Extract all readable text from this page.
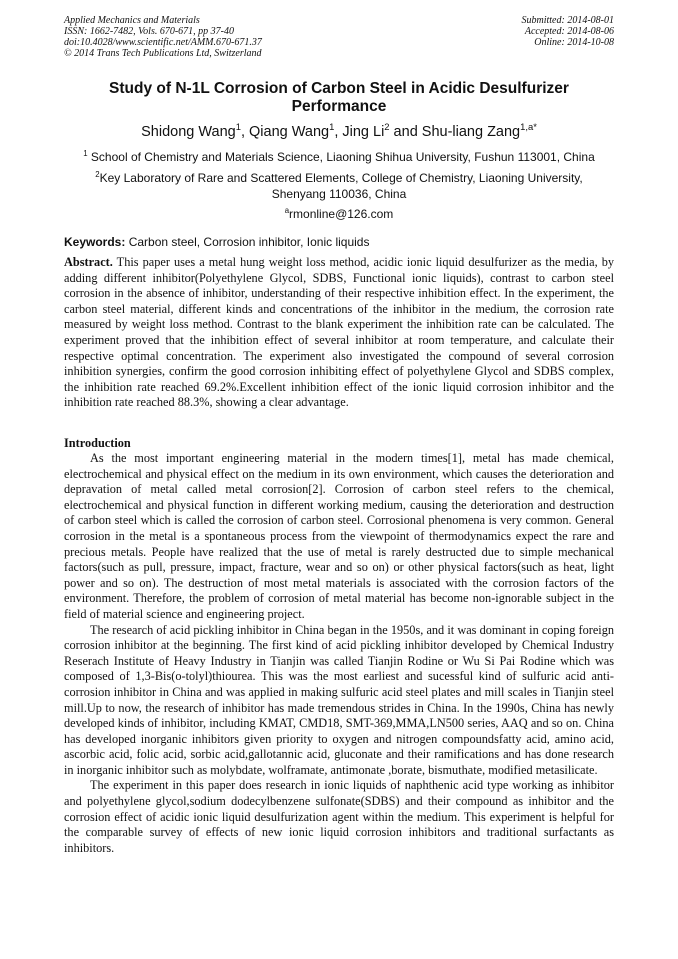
Applied Mechanics and Materials
ISSN: 1662-7482, Vols. 670-671, pp 37-40
doi:10.4028/www.scientific.net/AMM.670-671.37
© 2014 Trans Tech Publications Ltd, Switzerland
Submitted: 2014-08-01
Accepted: 2014-08-06
Online: 2014-10-08
Study of N-1L Corrosion of Carbon Steel in Acidic Desulfurizer
Performance
Shidong Wang$^1$, Qiang Wang$^1$, Jing Li$^2$ and Shu-liang Zang$^{1,a*}$
$^1$ School of Chemistry and Materials Science, Liaoning Shihua University, Fushun 113001, China
$^2$Key Laboratory of Rare and Scattered Elements, College of Chemistry, Liaoning University,
Shenyang 110036, China
$^a$rmonline@126.com
Keywords: Carbon steel, Corrosion inhibitor, Ionic liquids
Abstract. This paper uses a metal hung weight loss method, acidic ionic liquid desulfurizer as the media, by adding different inhibitor(Polyethylene Glycol, SDBS, Functional ionic liquids), contrast to carbon steel corrosion in the absence of inhibitor, understanding of their respective inhibition effect. In the experiment, the carbon steel material, different kinds and concentrations of the inhibitor in the medium, the corrosion rate measured by weight loss method. Contrast to the blank experiment the inhibition rate can be calculated. The experiment proved that the inhibition effect of several inhibitor at room temperature, and calculate their respective optimal concentration. The experiment also investigated the compound of several corrosion inhibition synergies, confirm the good corrosion inhibiting effect of polyethylene Glycol and SDBS complex, the inhibition rate reached 69.2%.Excellent inhibition effect of the ionic liquid corrosion inhibitor and the inhibition rate reached 88.3%, showing a clear advantage.
Introduction

As the most important engineering material in the modern times[1], metal has made chemical, electrochemical and physical effect on the medium in its own environment, which causes the deterioration and depravation of metal called metal corrosion[2]. Corrosion of carbon steel refers to the chemical, electrochemical and physical function in different working medium, causing the deterioration and destruction of carbon steel which is called the corrosion of carbon steel. Corrosional phenomena is very common. General corrosion in the metal is a spontaneous process from the viewpoint of thermodynamics expect the rare and precious metals. People have realized that the use of metal is rarely destructed due to simple mechanical factors(such as pull, pressure, impact, fracture, wear and so on) or other physical factors(such as heat, light power and so on). The destruction of most metal materials is associated with the corrosion factors of the environment. Therefore, the problem of corrosion of metal material has become non-ignorable subject in the field of material science and engineering project.

The research of acid pickling inhibitor in China began in the 1950s, and it was dominant in coping foreign corrosion inhibitor at the beginning. The first kind of acid pickling inhibitor developed by Chemical Industry Reserach Institute of Heavy Industry in Tianjin was called Tianjin Rodine or Wu Si Pai Rodine which was composed of 1,3-Bis(o-tolyl)thiourea. This was the most earliest and sucessful kind of sulfuric acid anti-corrosion inhibitor in China and was applied in making sulfuric acid steel plates and mill scales in Tianjin steel mill.Up to now, the research of inhibitor has made tremendous strides in China. In the 1990s, China has newly developed kinds of inhibitor, including KMAT, CMD18, SMT-369,MMA,LN500 series, AAQ and so on. China has developed inorganic inhibitors given priority to oxygen and nitrogen compoundsfatty acid, amino acid, ascorbic acid, folic acid, sorbic acid,gallotannic acid, gluconate and their ramifications and has done research in inorganic inhibitor such as molybdate, wolframate, antimonate ,borate, bismuthate, modified metasilicate.

The experiment in this paper does research in ionic liquids of naphthenic acid type working as inhibitor and polyethylene glycol,sodium dodecylbenzene sulfonate(SDBS) and their compound as inhibitor and the corrosion effect of acidic ionic liquid desulfurization agent within the medium. This experiment is helpful for the comparable survey of effects of new ionic liquid corrosion inhibitors and traditional surfactants as inhibitors.
